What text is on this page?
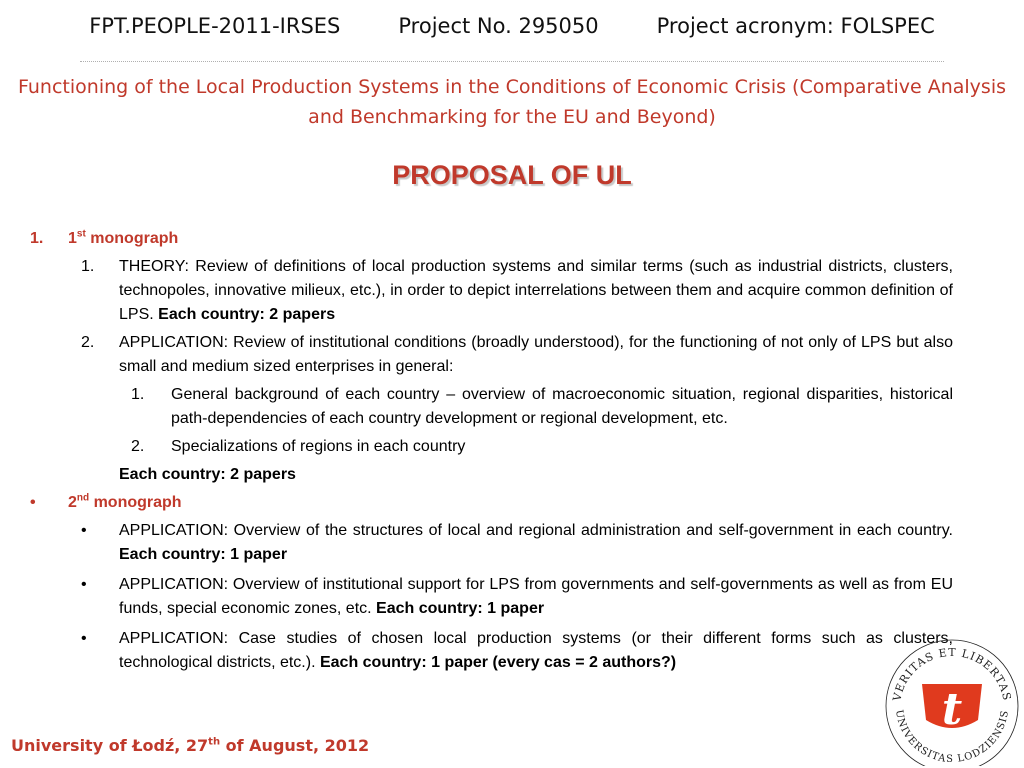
FPT.PEOPLE-2011-IRSES	Project No. 295050	Project acronym: FOLSPEC
Functioning of the Local Production Systems in the Conditions of Economic Crisis (Comparative Analysis and Benchmarking for the EU and Beyond)
PROPOSAL OF UL
1. 1st monograph
1. THEORY: Review of definitions of local production systems and similar terms (such as industrial districts, clusters, technopoles, innovative milieux, etc.), in order to depict interrelations between them and acquire common definition of LPS. Each country: 2 papers
2. APPLICATION: Review of institutional conditions (broadly understood), for the functioning of not only of LPS but also small and medium sized enterprises in general:
1. General background of each country – overview of macroeconomic situation, regional disparities, historical path-dependencies of each country development or regional development, etc.
2. Specializations of regions in each country
Each country: 2 papers
• 2nd monograph
• APPLICATION: Overview of the structures of local and regional administration and self-government in each country. Each country: 1 paper
• APPLICATION: Overview of institutional support for LPS from governments and self-governments as well as from EU funds, special economic zones, etc. Each country: 1 paper
• APPLICATION: Case studies of chosen local production systems (or their different forms such as clusters, technological districts, etc.). Each country: 1 paper (every cas = 2 authors?)
University of Łodź, 27th of August, 2012
VERITAS ET LIBERTAS
UNIVERSITAS LODZIENSIS
t
